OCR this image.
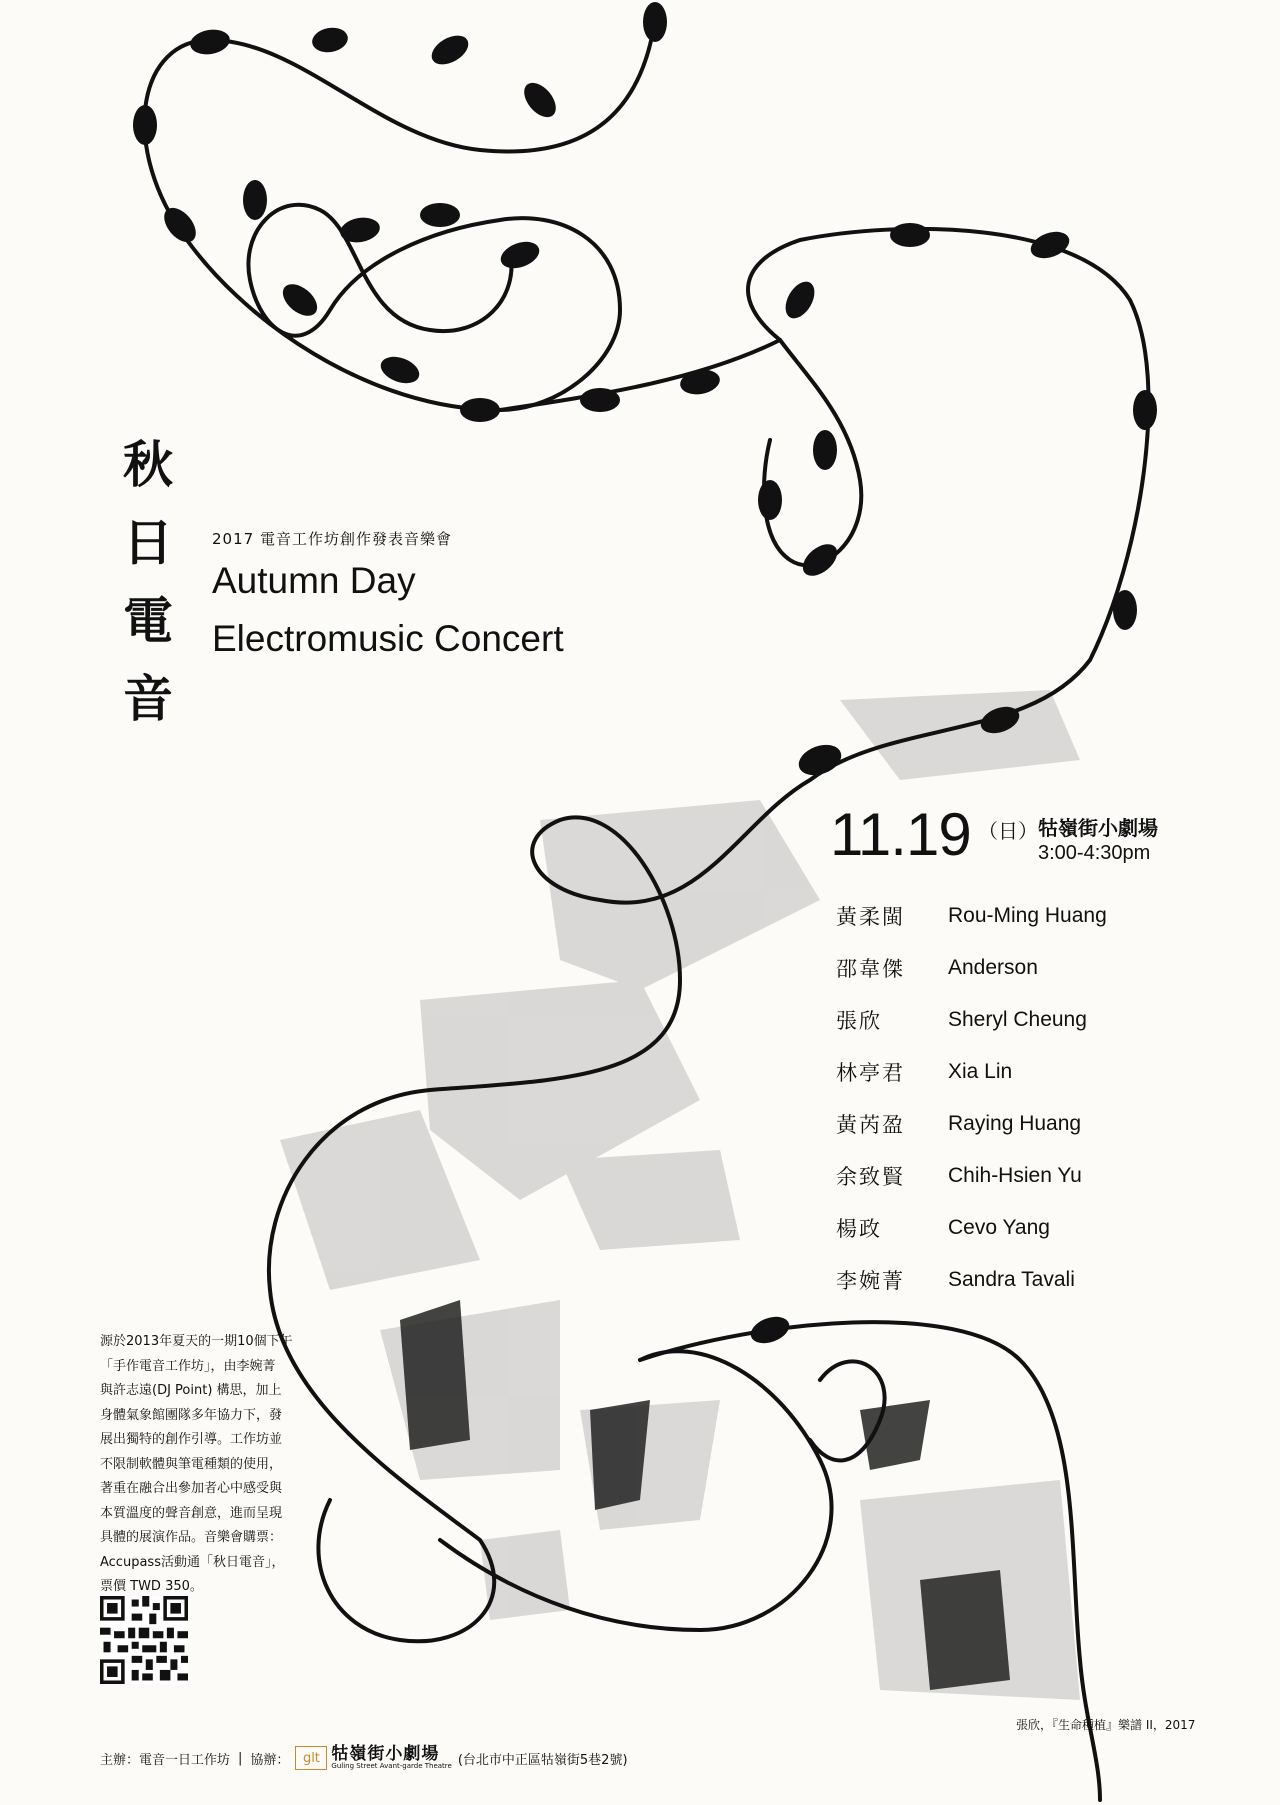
秋
日
電
音
2017 電音工作坊創作發表音樂會
Autumn Day
Electromusic Concert
11.19 （日） 牯嶺街小劇場
3:00-4:30pm
黃柔閩	Rou-Ming Huang
邵韋傑	Anderson
張欣	Sheryl Cheung
林亭君	Xia Lin
黃芮盈	Raying Huang
余致賢	Chih-Hsien Yu
楊政	Cevo Yang
李婉菁	Sandra Tavali
源於2013年夏天的一期10個下午
「手作電音工作坊」，由李婉菁
與許志遠(DJ Point) 構思，加上
身體氣象館團隊多年協力下，發
展出獨特的創作引導。工作坊並
不限制軟體與筆電種類的使用，
著重在融合出參加者心中感受與
本質溫度的聲音創意，進而呈現
具體的展演作品。音樂會購票：
Accupass活動通「秋日電音」，
票價 TWD 350。
張欣，『生命種植』樂譜 II，2017
主辦：電音一日工作坊 | 協辦：	glt 牯嶺街小劇場
Guling Street Avant-garde Theatre (台北市中正區牯嶺街5巷2號)
